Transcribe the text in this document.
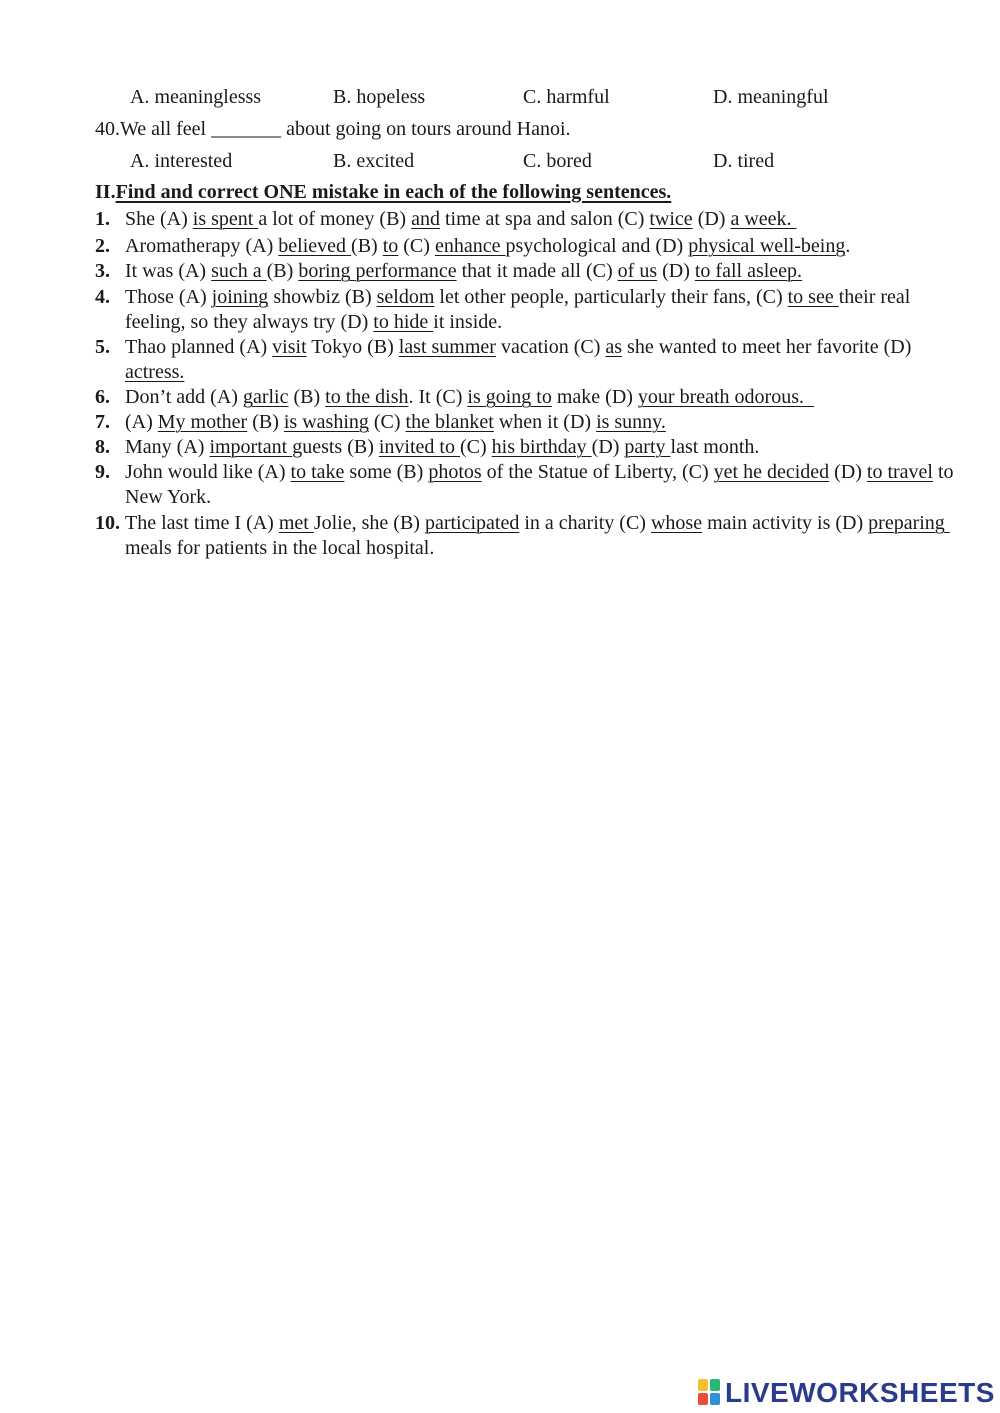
A. meaninglesss	B. hopeless	C. harmful	D. meaningful
40.We all feel _______ about going on tours around Hanoi.
A. interested	B. excited	C. bored	D. tired
II.Find and correct ONE mistake in each of the following sentences.
1. She (A) is spent a lot of money (B) and time at spa and salon (C) twice (D) a week.
2. Aromatherapy (A) believed (B) to (C) enhance psychological and (D) physical well-being.
3. It was (A) such a (B) boring performance that it made all (C) of us (D) to fall asleep.
4. Those (A) joining showbiz (B) seldom let other people, particularly their fans, (C) to see their real feeling, so they always try (D) to hide it inside.
5. Thao planned (A) visit Tokyo (B) last summer vacation (C) as she wanted to meet her favorite (D) actress.
6. Don’t add (A) garlic (B) to the dish. It (C) is going to make (D) your breath odorous.
7. (A) My mother (B) is washing (C) the blanket when it (D) is sunny.
8. Many (A) important guests (B) invited to (C) his birthday (D) party last month.
9. John would like (A) to take some (B) photos of the Statue of Liberty, (C) yet he decided (D) to travel to New York.
10. The last time I (A) met Jolie, she (B) participated in a charity (C) whose main activity is (D) preparing meals for patients in the local hospital.
LIVEWORKSHEETS
